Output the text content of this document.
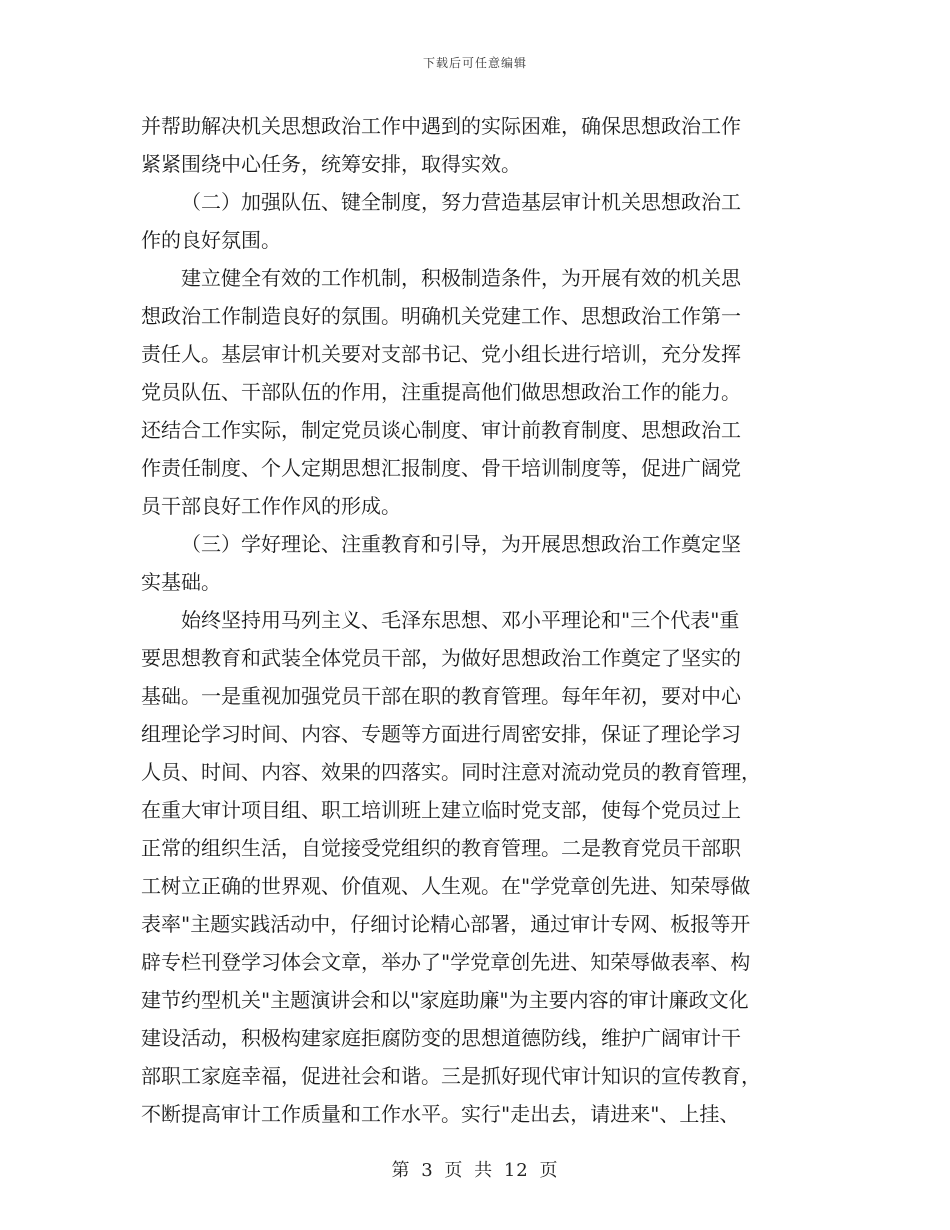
下载后可任意编辑
并帮助解决机关思想政治工作中遇到的实际困难，确保思想政治工作
紧紧围绕中心任务，统筹安排，取得实效。
（二）加强队伍、键全制度，努力营造基层审计机关思想政治工
作的良好氛围。
建立健全有效的工作机制，积极制造条件，为开展有效的机关思
想政治工作制造良好的氛围。明确机关党建工作、思想政治工作第一
责任人。基层审计机关要对支部书记、党小组长进行培训，充分发挥
党员队伍、干部队伍的作用，注重提高他们做思想政治工作的能力。
还结合工作实际，制定党员谈心制度、审计前教育制度、思想政治工
作责任制度、个人定期思想汇报制度、骨干培训制度等，促进广阔党
员干部良好工作作风的形成。
（三）学好理论、注重教育和引导，为开展思想政治工作奠定坚
实基础。
始终坚持用马列主义、毛泽东思想、邓小平理论和"三个代表"重
要思想教育和武装全体党员干部，为做好思想政治工作奠定了坚实的
基础。一是重视加强党员干部在职的教育管理。每年年初，要对中心
组理论学习时间、内容、专题等方面进行周密安排，保证了理论学习
人员、时间、内容、效果的四落实。同时注意对流动党员的教育管理，
在重大审计项目组、职工培训班上建立临时党支部，使每个党员过上
正常的组织生活，自觉接受党组织的教育管理。二是教育党员干部职
工树立正确的世界观、价值观、人生观。在"学党章创先进、知荣辱做
表率"主题实践活动中，仔细讨论精心部署，通过审计专网、板报等开
辟专栏刊登学习体会文章，举办了"学党章创先进、知荣辱做表率、构
建节约型机关"主题演讲会和以"家庭助廉"为主要内容的审计廉政文化
建设活动，积极构建家庭拒腐防变的思想道德防线，维护广阔审计干
部职工家庭幸福，促进社会和谐。三是抓好现代审计知识的宣传教育，
不断提高审计工作质量和工作水平。实行"走出去，请进来"、上挂、
第 3 页 共 12 页
